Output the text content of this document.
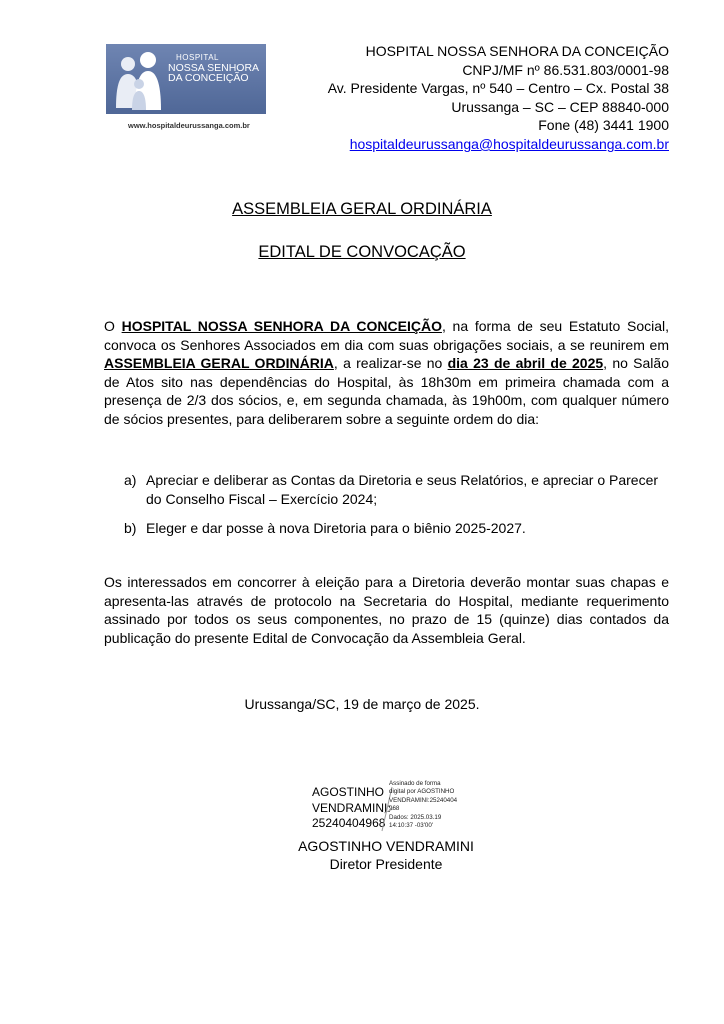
HOSPITAL
NOSSA SENHORA
DA CONCEIÇÃO
www.hospitaldeurussanga.com.br
HOSPITAL NOSSA SENHORA DA CONCEIÇÃO
CNPJ/MF nº 86.531.803/0001-98
Av. Presidente Vargas, nº 540 – Centro – Cx. Postal 38
Urussanga – SC – CEP 88840-000
Fone (48) 3441 1900
hospitaldeurussanga@hospitaldeurussanga.com.br
ASSEMBLEIA GERAL ORDINÁRIA
EDITAL DE CONVOCAÇÃO
O HOSPITAL NOSSA SENHORA DA CONCEIÇÃO, na forma de seu Estatuto Social, convoca os Senhores Associados em dia com suas obrigações sociais, a se reunirem em ASSEMBLEIA GERAL ORDINÁRIA, a realizar-se no dia 23 de abril de 2025, no Salão de Atos sito nas dependências do Hospital, às 18h30m em primeira chamada com a presença de 2/3 dos sócios, e, em segunda chamada, às 19h00m, com qualquer número de sócios presentes, para deliberarem sobre a seguinte ordem do dia:
a) Apreciar e deliberar as Contas da Diretoria e seus Relatórios, e apreciar o Parecer do Conselho Fiscal – Exercício 2024;
b) Eleger e dar posse à nova Diretoria para o biênio 2025-2027.
Os interessados em concorrer à eleição para a Diretoria deverão montar suas chapas e apresenta-las através de protocolo na Secretaria do Hospital, mediante requerimento assinado por todos os seus componentes, no prazo de 15 (quinze) dias contados da publicação do presente Edital de Convocação da Assembleia Geral.
Urussanga/SC, 19 de março de 2025.
AGOSTINHO
VENDRAMINI:
25240404968
Assinado de forma
digital por AGOSTINHO
VENDRAMINI:25240404
968
Dados: 2025.03.19
14:10:37 -03'00'
AGOSTINHO VENDRAMINI
Diretor Presidente
